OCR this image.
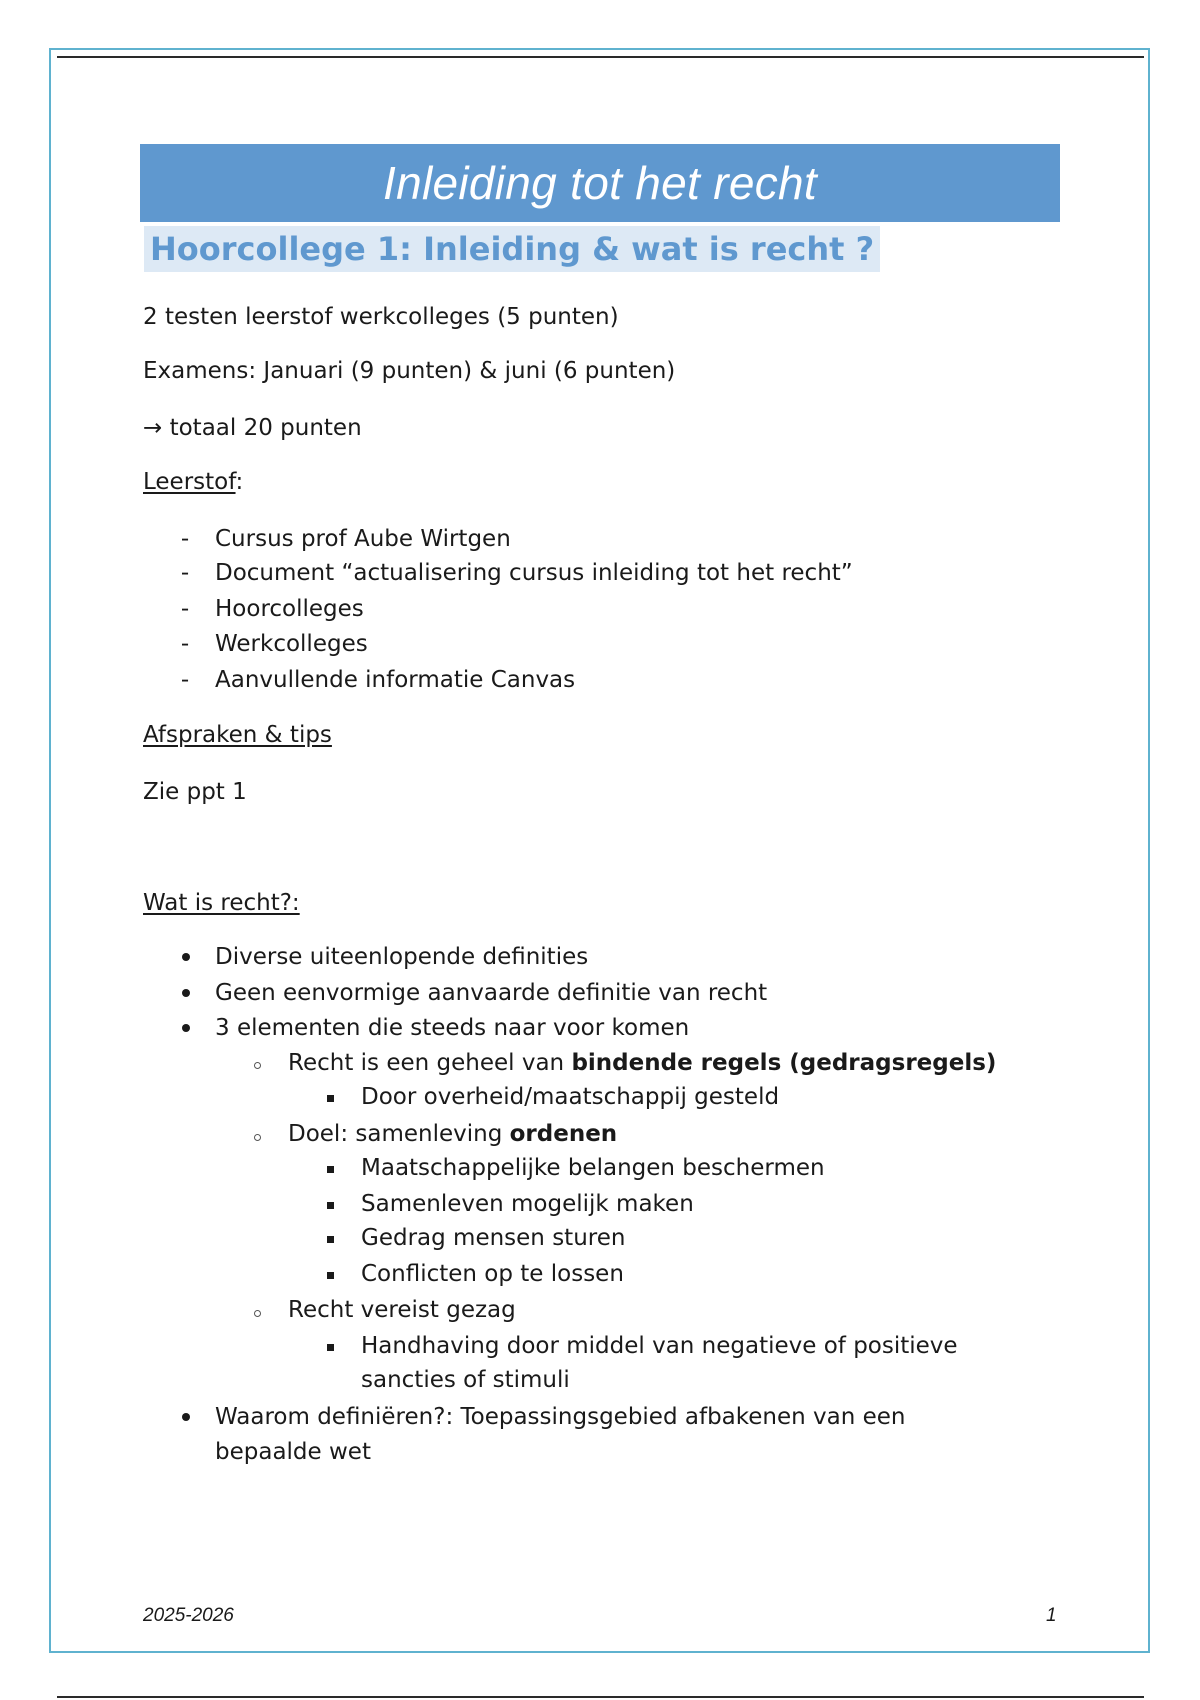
Inleiding tot het recht
Hoorcollege 1: Inleiding & wat is recht ?
2 testen leerstof werkcolleges (5 punten)
Examens: Januari (9 punten) & juni (6 punten)
→ totaal 20 punten
Leerstof:
- Cursus prof Aube Wirtgen
- Document “actualisering cursus inleiding tot het recht”
- Hoorcolleges
- Werkcolleges
- Aanvullende informatie Canvas
Afspraken & tips
Zie ppt 1
Wat is recht?:
Diverse uiteenlopende definities
Geen eenvormige aanvaarde definitie van recht
3 elementen die steeds naar voor komen
Recht is een geheel van bindende regels (gedragsregels)
Door overheid/maatschappij gesteld
Doel: samenleving ordenen
Maatschappelijke belangen beschermen
Samenleven mogelijk maken
Gedrag mensen sturen
Conflicten op te lossen
Recht vereist gezag
Handhaving door middel van negatieve of positieve
sancties of stimuli
Waarom definiëren?: Toepassingsgebied afbakenen van een
bepaalde wet
2025-2026	1
